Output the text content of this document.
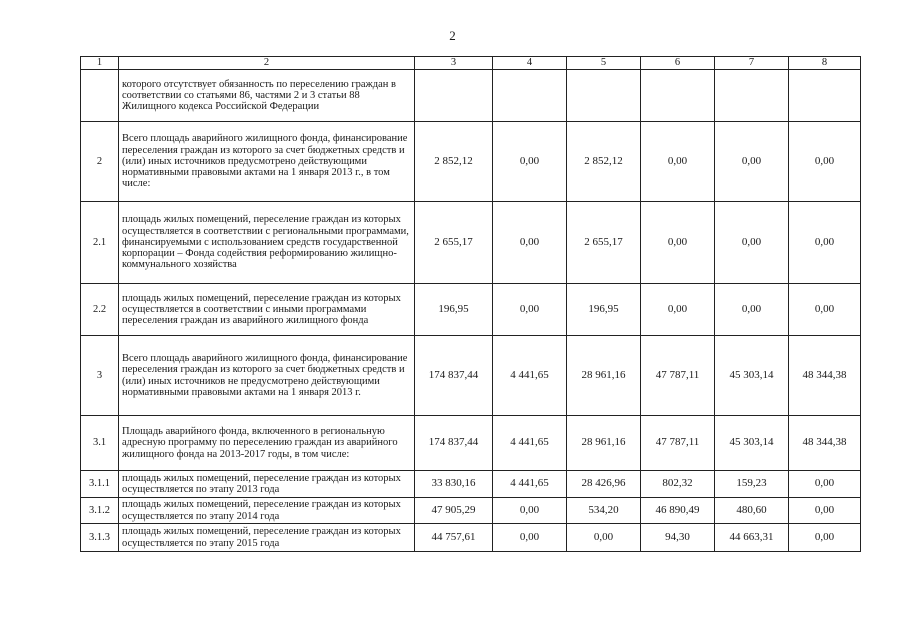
2
1	2	3	4	5	6	7	8
	которого отсутствует обязанность по переселению граждан в соответствии со статьями 86, частями 2 и 3 статьи 88 Жилищного кодекса Российской Федерации						
2	Всего площадь аварийного жилищного фонда, финансирование переселения граждан из которого за счет бюджетных средств и (или) иных источников предусмотрено действующими нормативными правовыми актами на 1 января 2013 г., в том числе:	2 852,12	0,00	2 852,12	0,00	0,00	0,00
2.1	площадь жилых помещений, переселение граждан из которых осуществляется в соответствии с региональными программами, финансируемыми с использованием средств государственной корпорации – Фонда содействия реформированию жилищно-коммунального хозяйства	2 655,17	0,00	2 655,17	0,00	0,00	0,00
2.2	площадь жилых помещений, переселение граждан из которых осуществляется в соответствии с иными программами переселения граждан из аварийного жилищного фонда	196,95	0,00	196,95	0,00	0,00	0,00
3	Всего площадь аварийного жилищного фонда, финансирование переселения граждан из которого за счет бюджетных средств и (или) иных источников не предусмотрено действующими нормативными правовыми актами на 1 января 2013 г.	174 837,44	4 441,65	28 961,16	47 787,11	45 303,14	48 344,38
3.1	Площадь аварийного фонда, включенного в региональную адресную программу по переселению граждан из аварийного жилищного фонда на 2013-2017 годы, в том числе:	174 837,44	4 441,65	28 961,16	47 787,11	45 303,14	48 344,38
3.1.1	площадь жилых помещений, переселение граждан из которых осуществляется по этапу 2013 года	33 830,16	4 441,65	28 426,96	802,32	159,23	0,00
3.1.2	площадь жилых помещений, переселение граждан из которых осуществляется по этапу 2014 года	47 905,29	0,00	534,20	46 890,49	480,60	0,00
3.1.3	площадь жилых помещений, переселение граждан из которых осуществляется по этапу 2015 года	44 757,61	0,00	0,00	94,30	44 663,31	0,00
